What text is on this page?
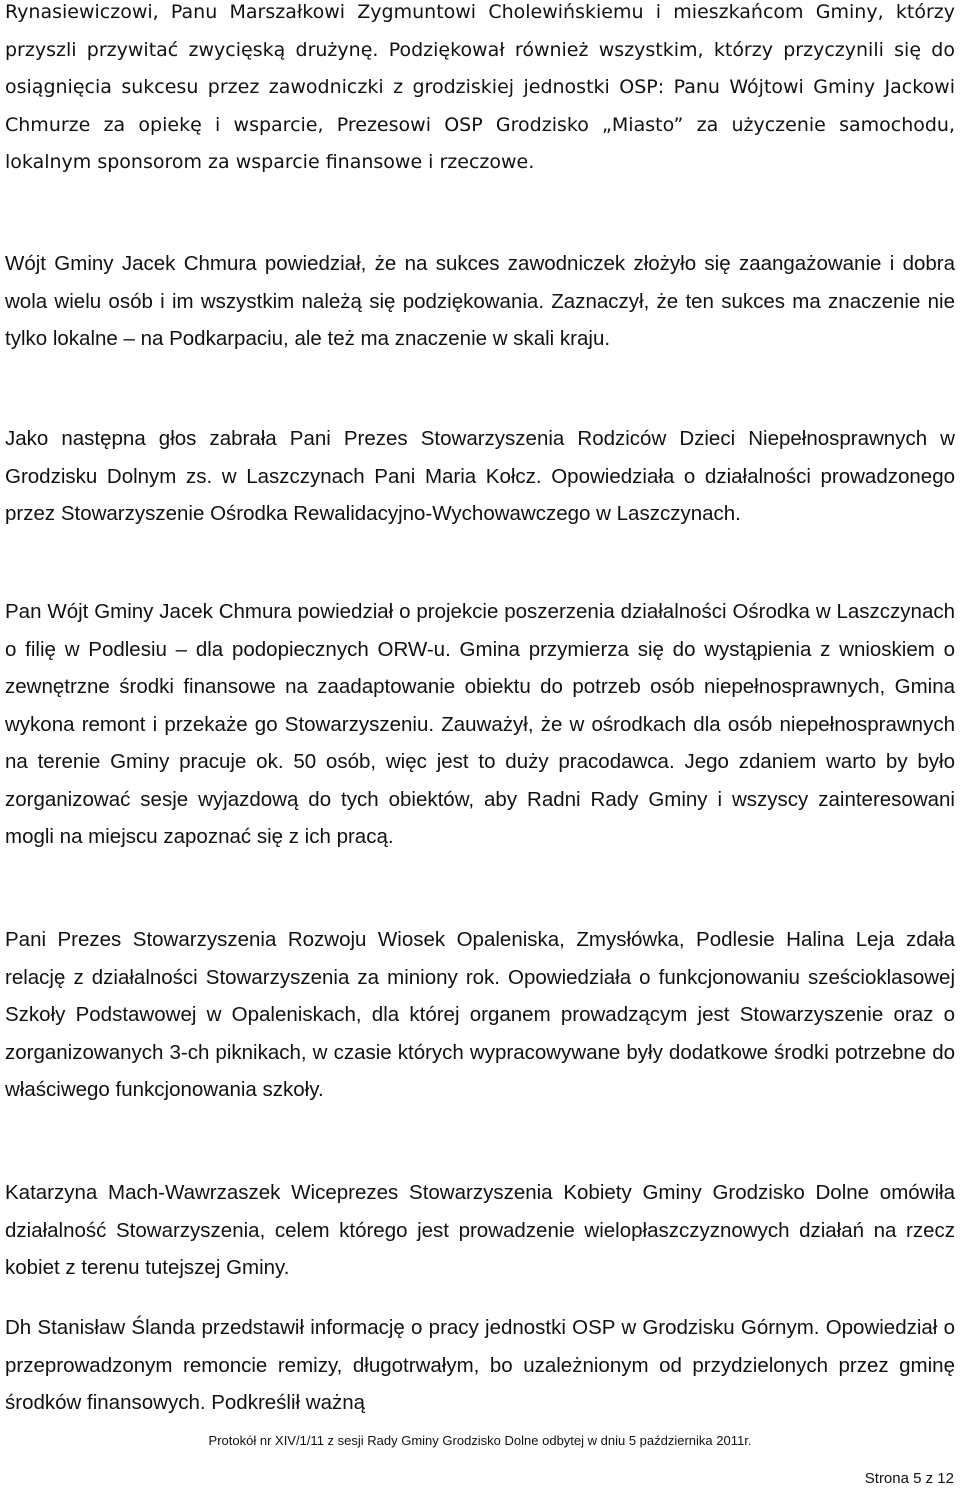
Rynasiewiczowi, Panu Marszałkowi Zygmuntowi Cholewińskiemu i mieszkańcom Gminy, którzy przyszli przywitać zwycięską drużynę. Podziękował również wszystkim, którzy przyczynili się do osiągnięcia sukcesu przez zawodniczki z grodziskiej jednostki OSP: Panu Wójtowi Gminy Jackowi Chmurze za opiekę i wsparcie, Prezesowi OSP Grodzisko „Miasto” za użyczenie samochodu, lokalnym sponsorom za wsparcie finansowe i rzeczowe.

Wójt Gminy Jacek Chmura powiedział, że na sukces zawodniczek złożyło się zaangażowanie i dobra wola wielu osób i im wszystkim należą się podziękowania. Zaznaczył, że ten sukces ma znaczenie nie tylko lokalne – na Podkarpaciu, ale też ma znaczenie w skali kraju.

Jako następna głos zabrała Pani Prezes Stowarzyszenia Rodziców Dzieci Niepełnosprawnych w Grodzisku Dolnym zs. w Laszczynach Pani Maria Kołcz. Opowiedziała o działalności prowadzonego przez Stowarzyszenie Ośrodka Rewalidacyjno-Wychowawczego w Laszczynach.

Pan Wójt Gminy Jacek Chmura powiedział o projekcie poszerzenia działalności Ośrodka w Laszczynach o filię w Podlesiu – dla podopiecznych ORW-u. Gmina przymierza się do wystąpienia z wnioskiem o zewnętrzne środki finansowe na zaadaptowanie obiektu do potrzeb osób niepełnosprawnych, Gmina wykona remont i przekaże go Stowarzyszeniu. Zauważył, że w ośrodkach dla osób niepełnosprawnych na terenie Gminy pracuje ok. 50 osób, więc jest to duży pracodawca. Jego zdaniem warto by było zorganizować sesje wyjazdową do tych obiektów, aby Radni Rady Gminy i wszyscy zainteresowani mogli na miejscu zapoznać się z ich pracą.

Pani Prezes Stowarzyszenia Rozwoju Wiosek Opaleniska, Zmysłówka, Podlesie Halina Leja zdała relację z działalności Stowarzyszenia za miniony rok. Opowiedziała o funkcjonowaniu sześcioklasowej Szkoły Podstawowej w Opaleniskach, dla której organem prowadzącym jest Stowarzyszenie oraz o zorganizowanych 3-ch piknikach, w czasie których wypracowywane były dodatkowe środki potrzebne do właściwego funkcjonowania szkoły.

Katarzyna Mach-Wawrzaszek Wiceprezes Stowarzyszenia Kobiety Gminy Grodzisko Dolne omówiła działalność Stowarzyszenia, celem którego jest prowadzenie wielopłaszczyznowych działań na rzecz kobiet z terenu tutejszej Gminy.

Dh Stanisław Ślanda przedstawił informację o pracy jednostki OSP w Grodzisku Górnym. Opowiedział o przeprowadzonym remoncie remizy, długotrwałym, bo uzależnionym od przydzielonych przez gminę środków finansowych. Podkreślił ważną

Protokół nr XIV/1/11 z sesji Rady Gminy Grodzisko Dolne odbytej w dniu 5 października 2011r.
Strona 5 z 12
